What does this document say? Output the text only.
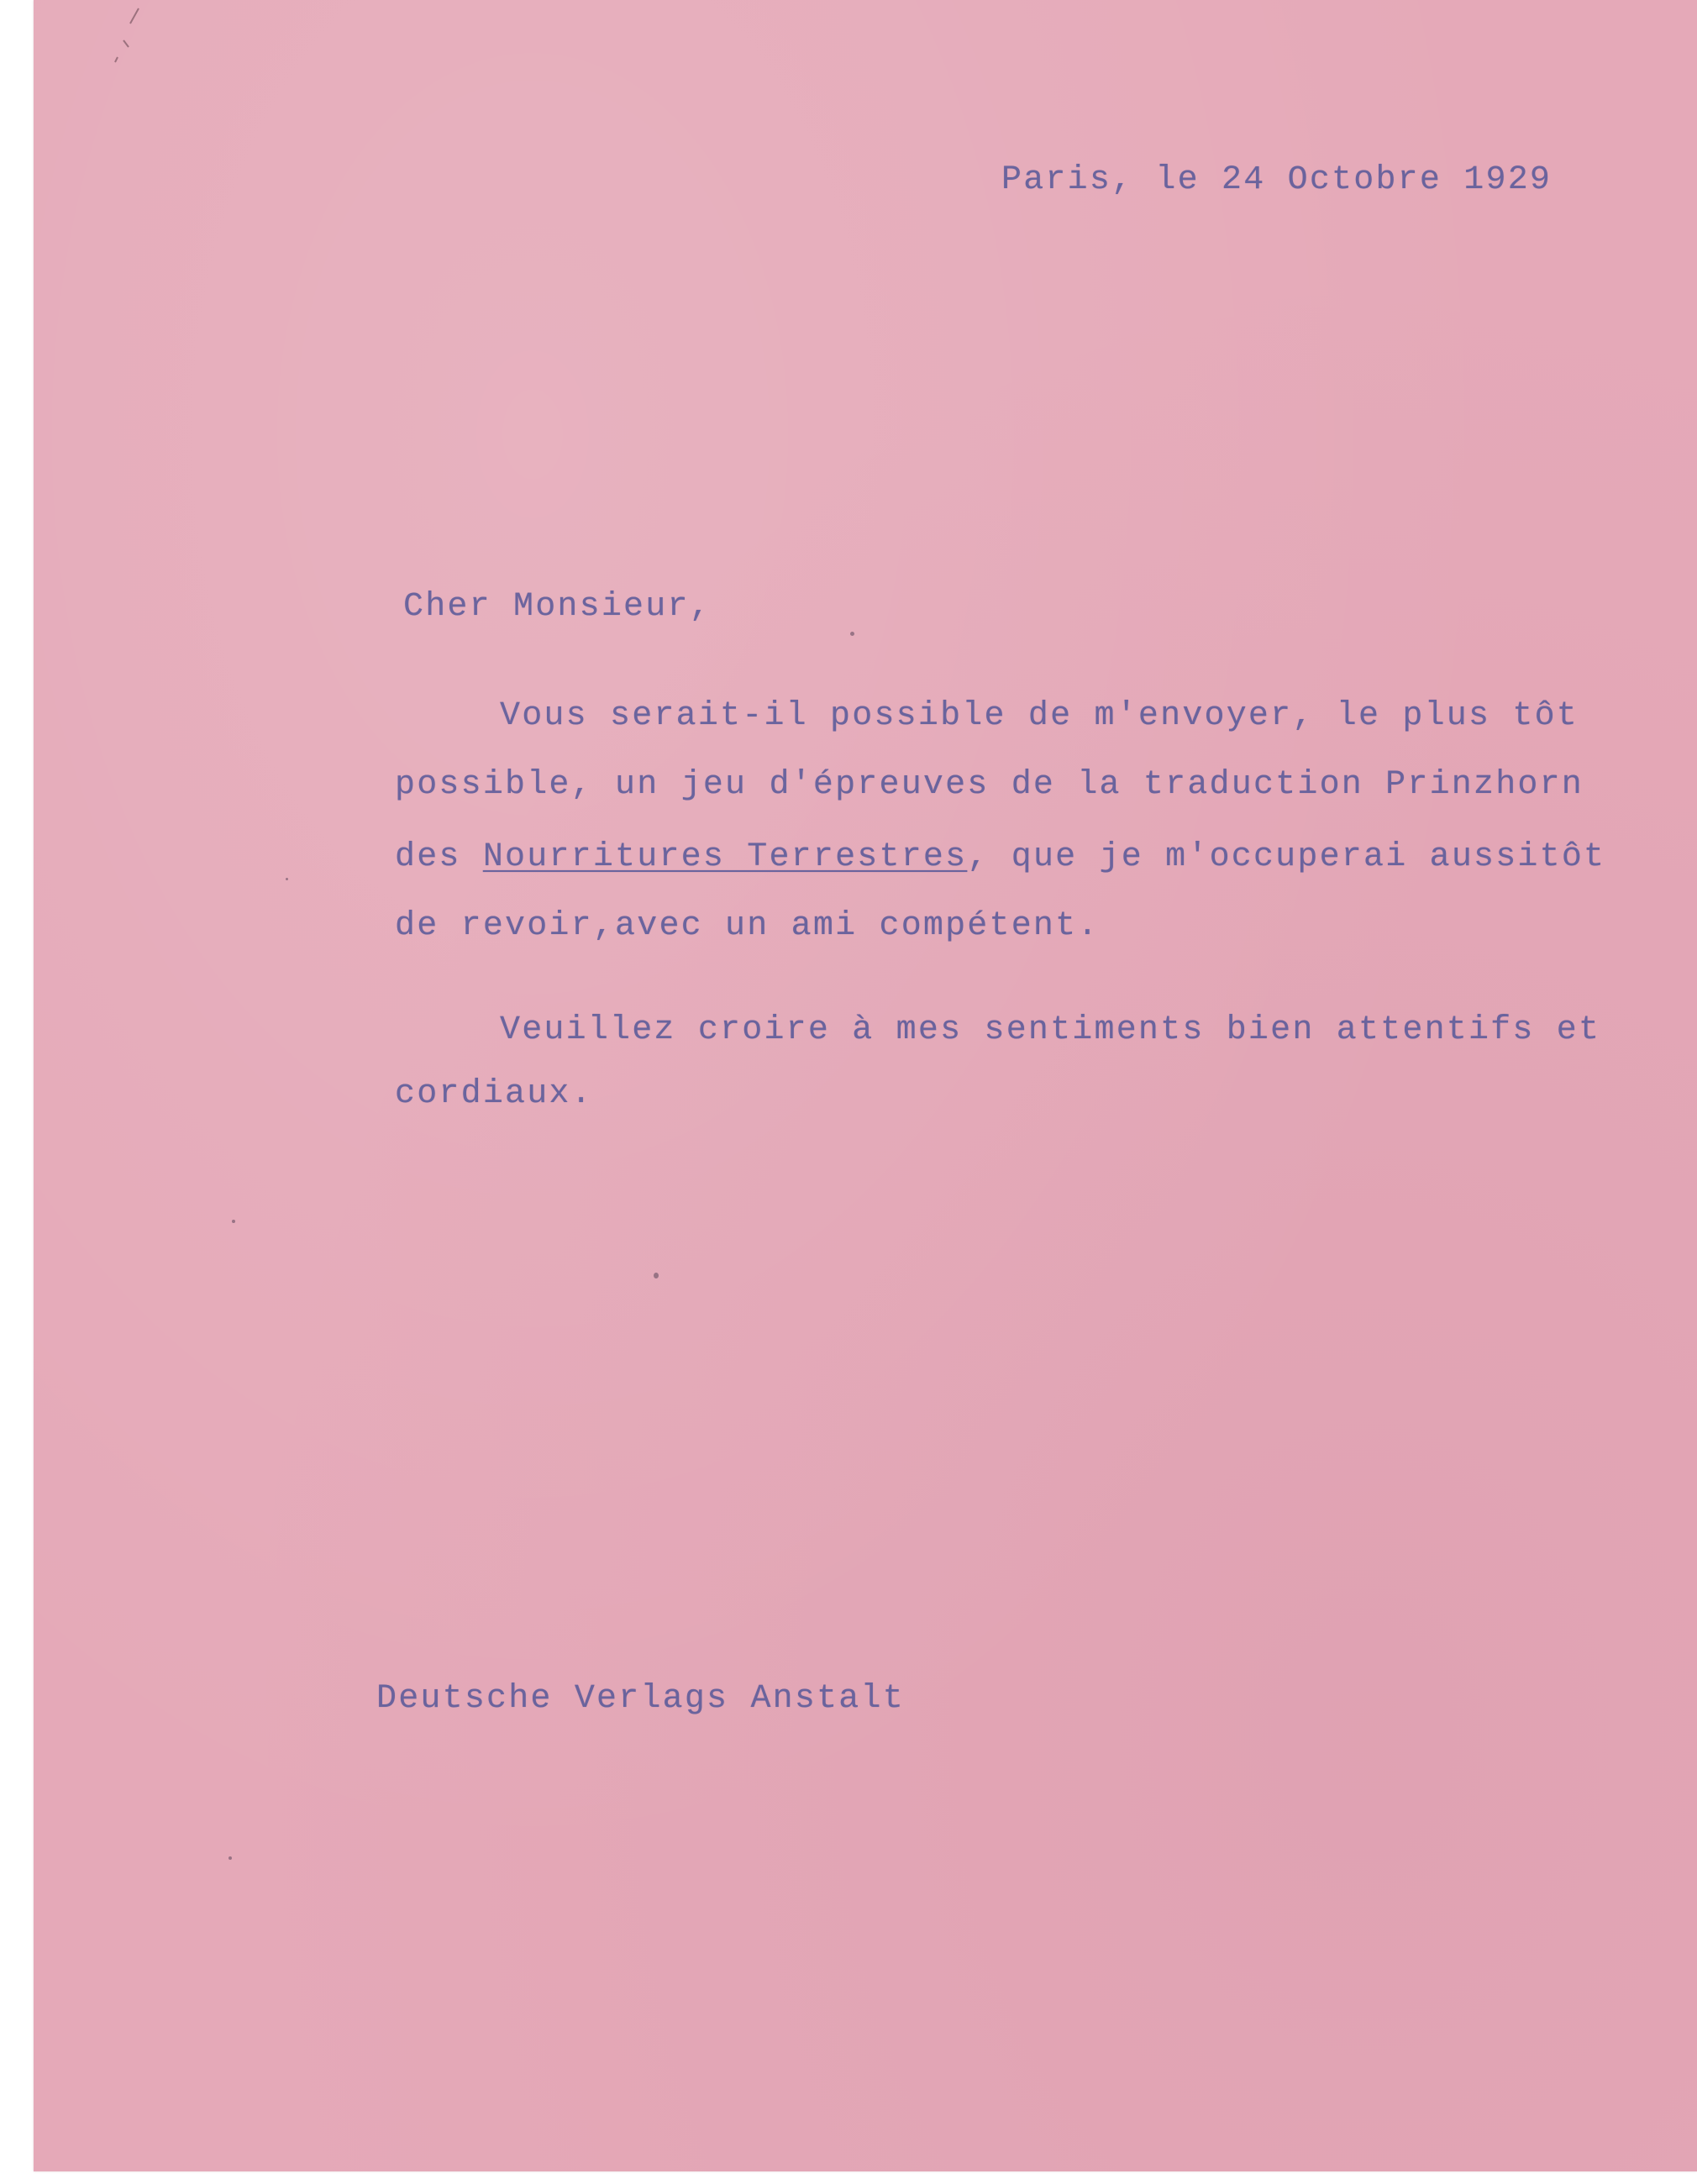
Paris, le 24 Octobre 1929
Cher Monsieur,
Vous serait-il possible de m'envoyer, le plus tôt
possible, un jeu d'épreuves de la traduction Prinzhorn
des Nourritures Terrestres, que je m'occuperai aussitôt
de revoir,avec un ami compétent.
Veuillez croire à mes sentiments bien attentifs et
cordiaux.
Deutsche Verlags Anstalt
